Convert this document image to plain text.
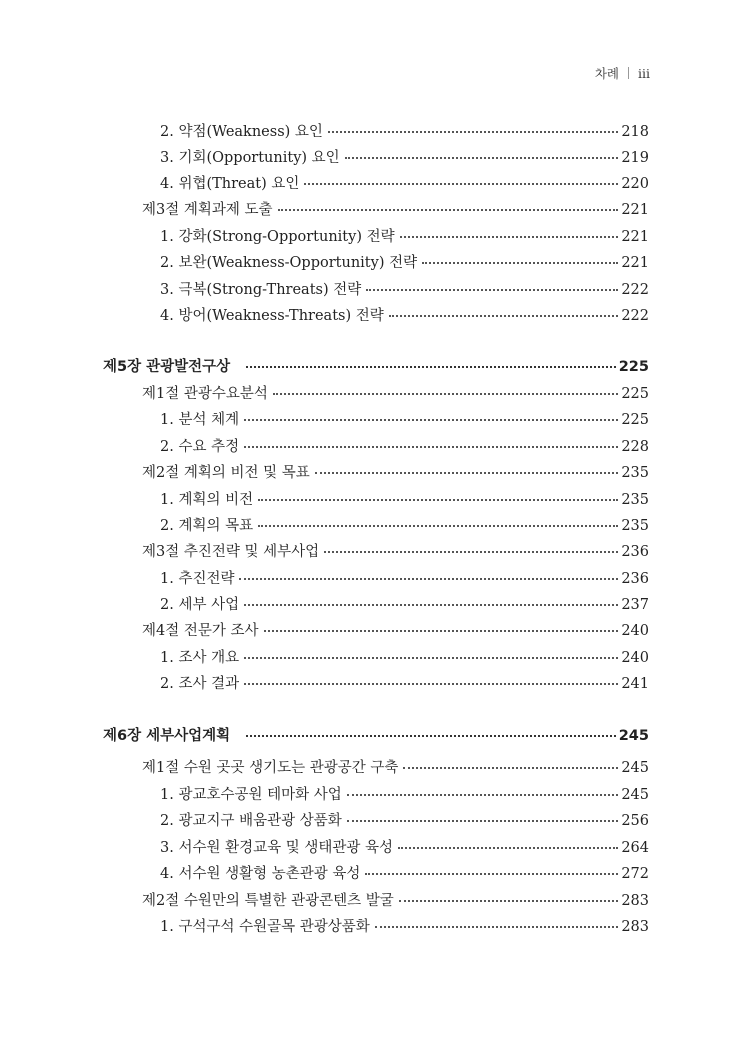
차례 iii
2. 약점(Weakness) 요인	218
3. 기회(Opportunity) 요인	219
4. 위협(Threat) 요인	220
제3절 계획과제 도출	221
1. 강화(Strong-Opportunity) 전략	221
2. 보완(Weakness-Opportunity) 전략	221
3. 극복(Strong-Threats) 전략	222
4. 방어(Weakness-Threats) 전략	222
제5장 관광발전구상	225
제1절 관광수요분석	225
1. 분석 체계	225
2. 수요 추정	228
제2절 계획의 비전 및 목표	235
1. 계획의 비전	235
2. 계획의 목표	235
제3절 추진전략 및 세부사업	236
1. 추진전략	236
2. 세부 사업	237
제4절 전문가 조사	240
1. 조사 개요	240
2. 조사 결과	241
제6장 세부사업계획	245
제1절 수원 곳곳 생기도는 관광공간 구축	245
1. 광교호수공원 테마화 사업	245
2. 광교지구 배움관광 상품화	256
3. 서수원 환경교육 및 생태관광 육성	264
4. 서수원 생활형 농촌관광 육성	272
제2절 수원만의 특별한 관광콘텐츠 발굴	283
1. 구석구석 수원골목 관광상품화	283
